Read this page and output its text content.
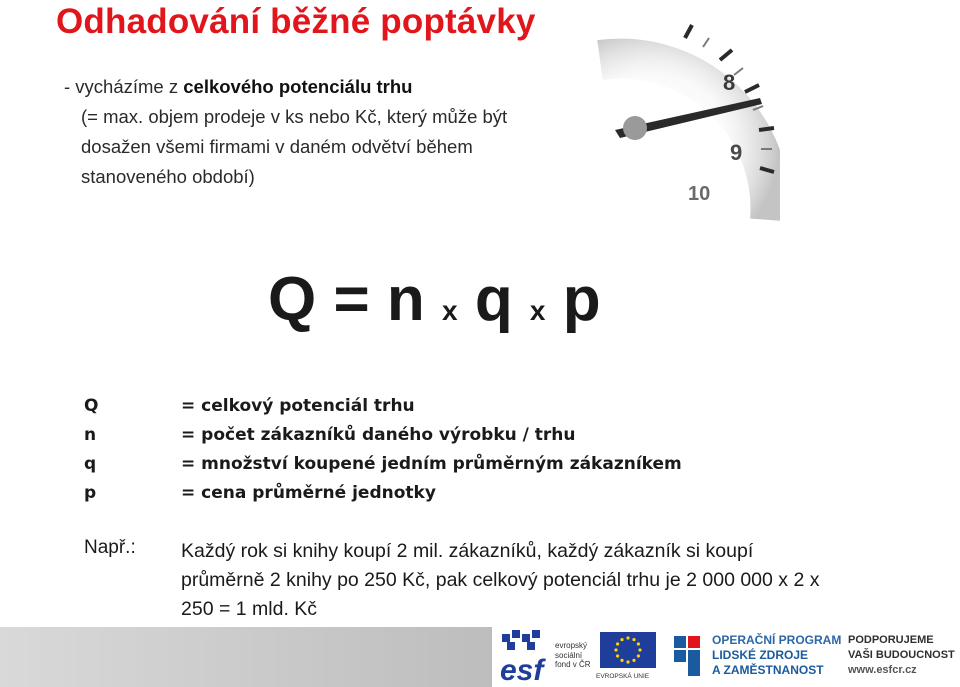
Odhadování běžné poptávky
- vycházíme z celkového potenciálu trhu
(= max. objem prodeje v ks nebo Kč, který může být dosažen všemi firmami v daném odvětví během stanoveného období)
8
9
10
Q = n x q x p
Q	= celkový potenciál trhu
n	= počet zákazníků daného výrobku / trhu
q	= množství koupené jedním průměrným zákazníkem
p	= cena průměrné jednotky
Např.: Každý rok si knihy koupí 2 mil. zákazníků, každý zákazník si koupí průměrně 2 knihy po 250 Kč, pak celkový potenciál trhu je 2 000 000 x 2 x 250 = 1 mld. Kč
esf
evropský
sociální
fond v ČR
EVROPSKÁ UNIE
OPERAČNÍ PROGRAM
LIDSKÉ ZDROJE
A ZAMĚSTNANOST
PODPORUJEME
VAŠI BUDOUCNOST
www.esfcr.cz
